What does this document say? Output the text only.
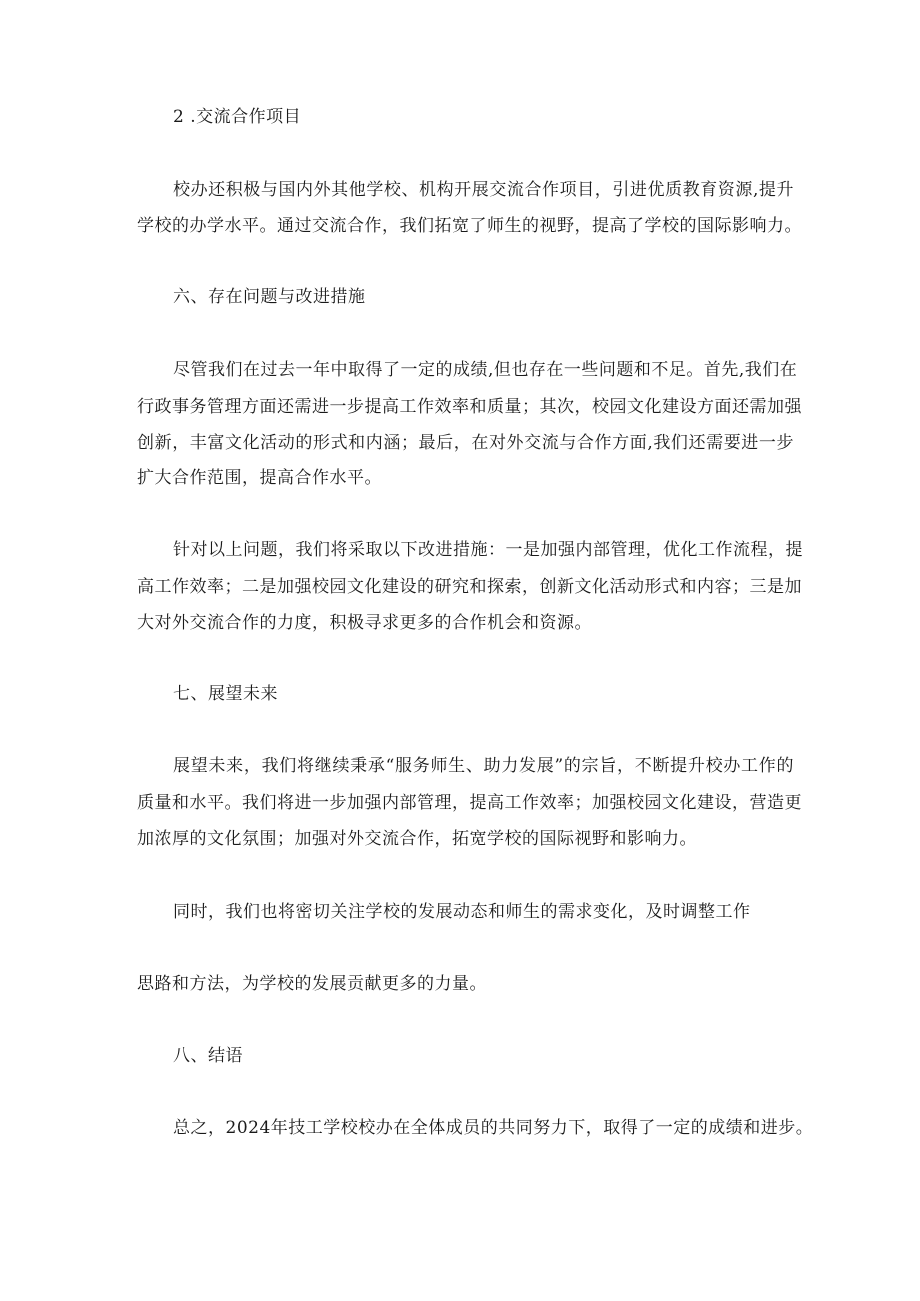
2 .交流合作项目
校办还积极与国内外其他学校、机构开展交流合作项目，引进优质教育资源,提升
学校的办学水平。通过交流合作，我们拓宽了师生的视野，提高了学校的国际影响力。
六、存在问题与改进措施
尽管我们在过去一年中取得了一定的成绩,但也存在一些问题和不足。首先,我们在
行政事务管理方面还需进一步提高工作效率和质量；其次，校园文化建设方面还需加强
创新，丰富文化活动的形式和内涵；最后，在对外交流与合作方面,我们还需要进一步
扩大合作范围，提高合作水平。
针对以上问题，我们将采取以下改进措施：一是加强内部管理，优化工作流程，提
高工作效率；二是加强校园文化建设的研究和探索，创新文化活动形式和内容；三是加
大对外交流合作的力度，积极寻求更多的合作机会和资源。
七、展望未来
展望未来，我们将继续秉承“服务师生、助力发展”的宗旨，不断提升校办工作的
质量和水平。我们将进一步加强内部管理，提高工作效率；加强校园文化建设，营造更
加浓厚的文化氛围；加强对外交流合作，拓宽学校的国际视野和影响力。
同时，我们也将密切关注学校的发展动态和师生的需求变化，及时调整工作
思路和方法，为学校的发展贡献更多的力量。
八、结语
总之，2024年技工学校校办在全体成员的共同努力下，取得了一定的成绩和进步。
